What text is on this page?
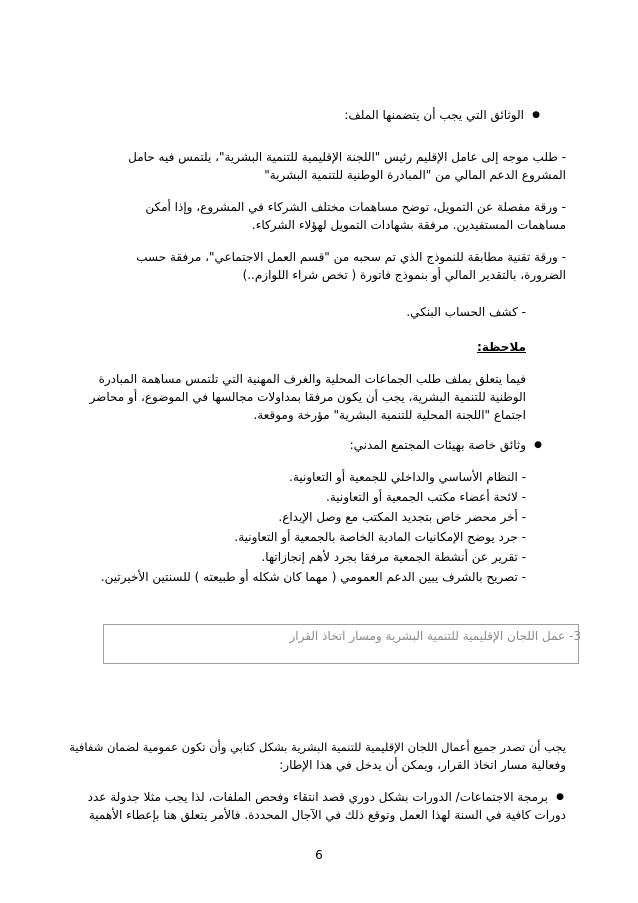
● الوثائق التي يجب أن يتضمنها الملف:
- طلب موجه إلى عامل الإقليم رئيس "اللجنة الإقليمية للتنمية البشرية"، يلتمس فيه حامل
المشروع الدعم المالي من "المبادرة الوطنية للتنمية البشرية"
- ورقة مفصلة عن التمويل، توضح مساهمات مختلف الشركاء في المشروع، وإذا أمكن
مساهمات المستفيدين. مرفقة بشهادات التمويل لهؤلاء الشركاء.
- ورقة تقنية مطابقة للنموذج الذي تم سحبه من "قسم العمل الاجتماعي"، مرفقة حسب
الضرورة، بالتقدير المالي أو بنموذج فاتورة ( تخص شراء اللوازم..)
- كشف الحساب البنكي.
ملاحظة:
فيما يتعلق بملف طلب الجماعات المحلية والغرف المهنية التي تلتمس مساهمة المبادرة
الوطنية للتنمية البشرية، يجب أن يكون مرفقا بمداولات مجالسها في الموضوع، أو محاضر
اجتماع "اللجنة المحلية للتنمية البشرية" مؤرخة وموقعة.
● وثائق خاصة بهيئات المجتمع المدني:
- النظام الأساسي والداخلي للجمعية أو التعاونية.
- لائحة أعضاء مكتب الجمعية أو التعاونية.
- أخر محضر خاص بتجديد المكتب مع وصل الإيداع.
- جرد يوضح الإمكانيات المادية الخاصة بالجمعية أو التعاونية.
- تقرير عن أنشطة الجمعية مرفقا بجرد لأهم إنجازاتها.
- تصريح بالشرف يبين الدعم العمومي ( مهما كان شكله أو طبيعته ) للسنتين الأخيرتين.
3- عمل اللجان الإقليمية للتنمية البشرية ومسار اتخاذ القرار
يجب أن تصدر جميع أعمال اللجان الإقليمية للتنمية البشرية بشكل كتابي وأن تكون عمومية لضمان شفافية
وفعالية مسار اتخاذ القرار، ويمكن أن يدخل في هذا الإطار:
● برمجة الاجتماعات/ الدورات بشكل دوري قصد انتقاء وفحص الملفات، لذا يجب مثلا جدولة عدد
دورات كافية في السنة لهذا العمل وتوقع ذلك في الآجال المحددة. فالأمر يتعلق هنا بإعطاء الأهمية
6
